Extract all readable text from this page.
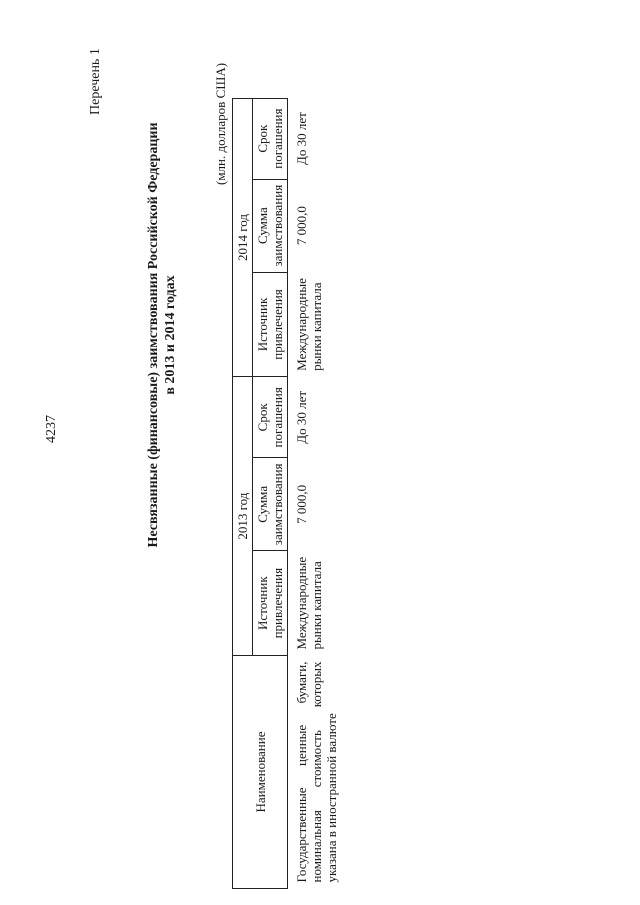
4237
Перечень 1
Несвязанные (финансовые) заимствования Российской Федерации в 2013 и 2014 годах
(млн. долларов США)
Наименование	2013 год			2014 год		
	Источник привлечения	Сумма заимствования	Срок погашения	Источник привлечения	Сумма заимствования	Срок погашения
Государственные ценные бумаги, номинальная стоимость которых указана в иностранной валюте	Международные рынки капитала	7 000,0	До 30 лет	Международные рынки капитала	7 000,0	До 30 лет
